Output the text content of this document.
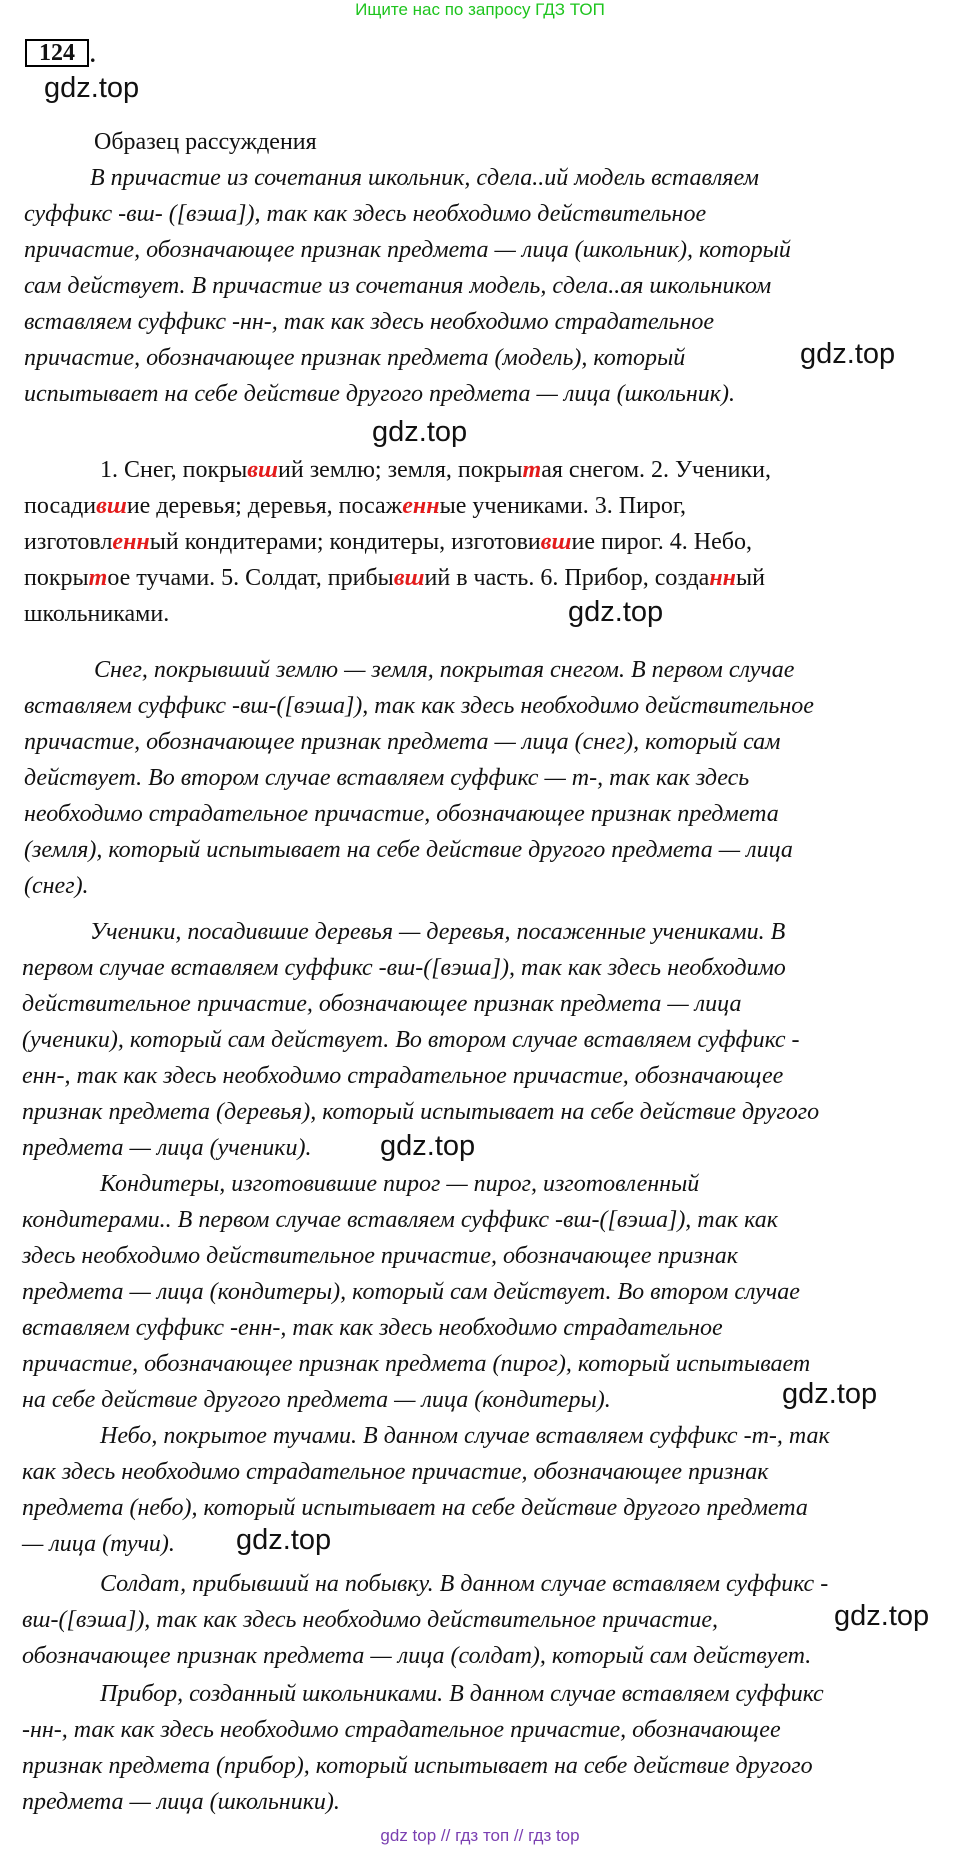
Ищите нас по запросу ГДЗ ТОП
124 .
gdz.top
Образец рассуждения
В причастие из сочетания школьник, сдела..ий модель вставляем
суффикс -вш- ([вэша]), так как здесь необходимо действительное
причастие, обозначающее признак предмета — лица (школьник), который
сам действует. В причастие из сочетания модель, сдела..ая школьником
вставляем суффикс -нн-, так как здесь необходимо страдательное
причастие, обозначающее признак предмета (модель), который
испытывает на себе действие другого предмета — лица (школьник).
gdz.top
gdz.top
1. Снег, покрывший землю; земля, покрытая снегом. 2. Ученики,
посадившие деревья; деревья, посаженные учениками. 3. Пирог,
изготовленный кондитерами; кондитеры, изготовившие пирог. 4. Небо,
покрытое тучами. 5. Солдат, прибывший в часть. 6. Прибор, созданный
школьниками.	gdz.top
Снег, покрывший землю — земля, покрытая снегом. В первом случае
вставляем суффикс -вш-([вэша]), так как здесь необходимо действительное
причастие, обозначающее признак предмета — лица (снег), который сам
действует. Во втором случае вставляем суффикс — т-, так как здесь
необходимо страдательное причастие, обозначающее признак предмета
(земля), который испытывает на себе действие другого предмета — лица
(снег).
Ученики, посадившие деревья — деревья, посаженные учениками. В
первом случае вставляем суффикс -вш-([вэша]), так как здесь необходимо
действительное причастие, обозначающее признак предмета — лица
(ученики), который сам действует. Во втором случае вставляем суффикс -
енн-, так как здесь необходимо страдательное причастие, обозначающее
признак предмета (деревья), который испытывает на себе действие другого
предмета — лица (ученики). gdz.top
Кондитеры, изготовившие пирог — пирог, изготовленный
кондитерами.. В первом случае вставляем суффикс -вш-([вэша]), так как
здесь необходимо действительное причастие, обозначающее признак
предмета — лица (кондитеры), который сам действует. Во втором случае
вставляем суффикс -енн-, так как здесь необходимо страдательное
причастие, обозначающее признак предмета (пирог), который испытывает
на себе действие другого предмета — лица (кондитеры).	gdz.top
Небо, покрытое тучами. В данном случае вставляем суффикс -т-, так
как здесь необходимо страдательное причастие, обозначающее признак
предмета (небо), который испытывает на себе действие другого предмета
— лица (тучи). gdz.top
Солдат, прибывший на побывку. В данном случае вставляем суффикс -
вш-([вэша]), так как здесь необходимо действительное причастие,
обозначающее признак предмета — лица (солдат), который сам действует.
gdz.top
Прибор, созданный школьниками. В данном случае вставляем суффикс
-нн-, так как здесь необходимо страдательное причастие, обозначающее
признак предмета (прибор), который испытывает на себе действие другого
предмета — лица (школьники).
gdz top // гдз топ // гдз top
